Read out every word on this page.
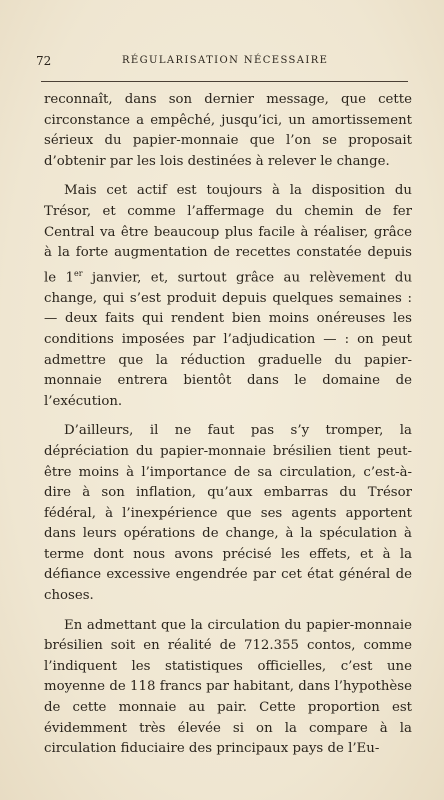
72	RÉGULARISATION NÉCESSAIRE

reconnaît, dans son dernier message, que cette circonstance a empêché, jusqu’ici, un amortissement sérieux du papier-monnaie que l’on se proposait d’obtenir par les lois destinées à relever le change.

Mais cet actif est toujours à la disposition du Trésor, et comme l’affermage du chemin de fer Central va être beaucoup plus facile à réaliser, grâce à la forte augmentation de recettes constatée depuis le 1er janvier, et, surtout grâce au relèvement du change, qui s’est produit depuis quelques semaines : — deux faits qui rendent bien moins onéreuses les conditions imposées par l’adjudication — : on peut admettre que la réduction graduelle du papier-monnaie entrera bientôt dans le domaine de l’exécution.

D’ailleurs, il ne faut pas s’y tromper, la dépréciation du papier-monnaie brésilien tient peut-être moins à l’importance de sa circulation, c’est-à-dire à son inflation, qu’aux embarras du Trésor fédéral, à l’inexpérience que ses agents apportent dans leurs opérations de change, à la spéculation à terme dont nous avons précisé les effets, et à la défiance excessive engendrée par cet état général de choses.

En admettant que la circulation du papier-monnaie brésilien soit en réalité de 712.355 contos, comme l’indiquent les statistiques officielles, c’est une moyenne de 118 francs par habitant, dans l’hypothèse de cette monnaie au pair. Cette proportion est évidemment très élevée si on la compare à la circulation fiduciaire des principaux pays de l’Eu-
